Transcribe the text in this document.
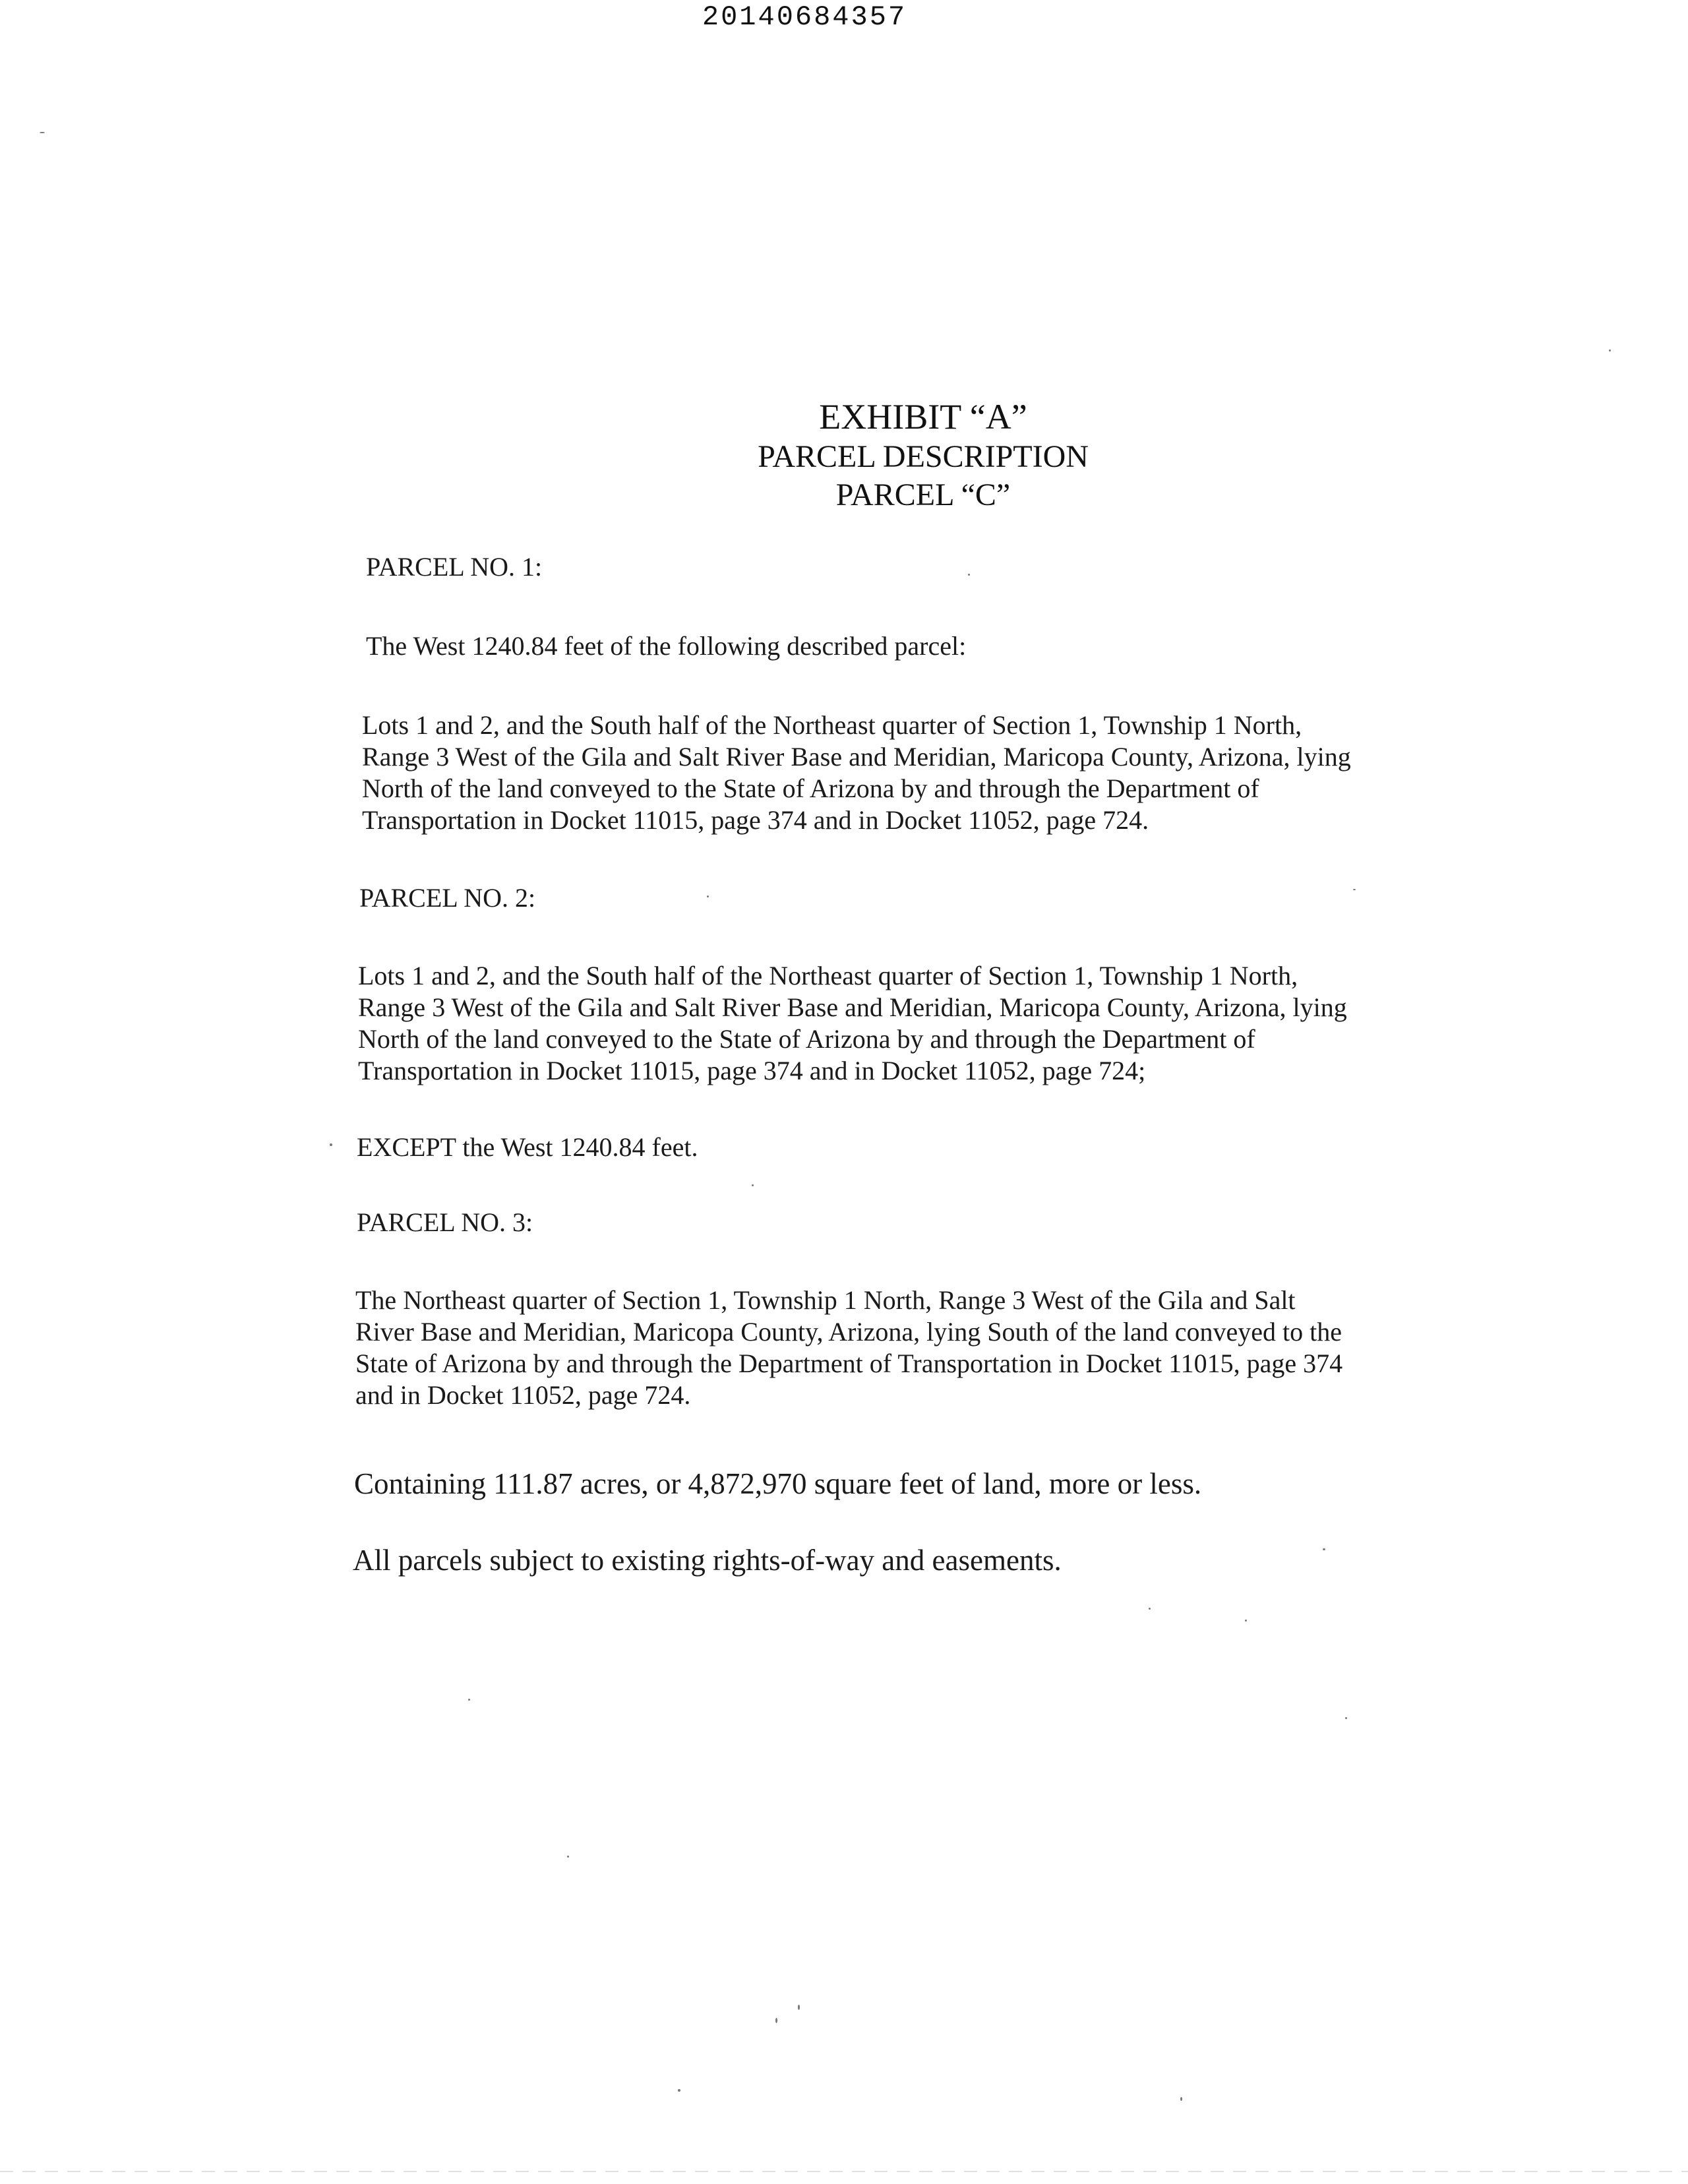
20140684357
EXHIBIT “A”
PARCEL DESCRIPTION
PARCEL “C”
PARCEL NO. 1:
The West 1240.84 feet of the following described parcel:
Lots 1 and 2, and the South half of the Northeast quarter of Section 1, Township 1 North,
Range 3 West of the Gila and Salt River Base and Meridian, Maricopa County, Arizona, lying
North of the land conveyed to the State of Arizona by and through the Department of
Transportation in Docket 11015, page 374 and in Docket 11052, page 724.
PARCEL NO. 2:
Lots 1 and 2, and the South half of the Northeast quarter of Section 1, Township 1 North,
Range 3 West of the Gila and Salt River Base and Meridian, Maricopa County, Arizona, lying
North of the land conveyed to the State of Arizona by and through the Department of
Transportation in Docket 11015, page 374 and in Docket 11052, page 724;
EXCEPT the West 1240.84 feet.
PARCEL NO. 3:
The Northeast quarter of Section 1, Township 1 North, Range 3 West of the Gila and Salt
River Base and Meridian, Maricopa County, Arizona, lying South of the land conveyed to the
State of Arizona by and through the Department of Transportation in Docket 11015, page 374
and in Docket 11052, page 724.
Containing 111.87 acres, or 4,872,970 square feet of land, more or less.
All parcels subject to existing rights-of-way and easements.
